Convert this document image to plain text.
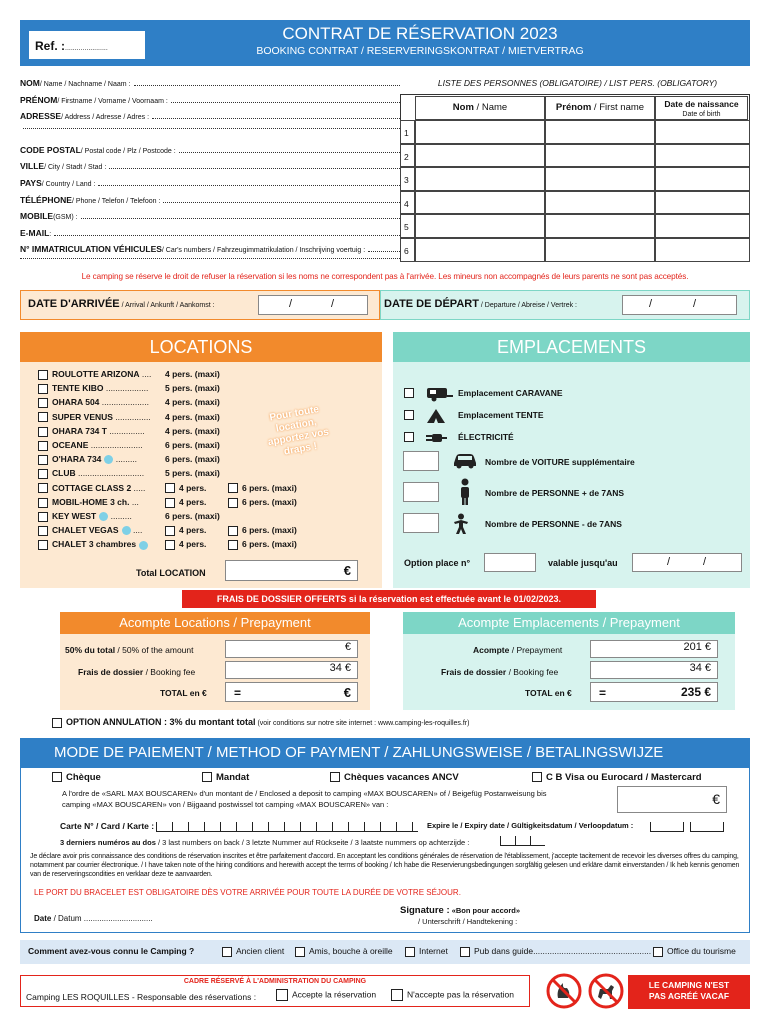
Ref. :......................
CONTRAT DE RÉSERVATION 2023
BOOKING CONTRAT / RESERVERINGSKONTRAT / MIETVERTRAG
NOM / Name / Nachname / Naam :
PRÉNOM / Firstname / Vorname / Voornaam :
ADRESSE / Address / Adresse / Adres :
CODE POSTAL / Postal code / Plz / Postcode :
VILLE / City / Stadt / Stad :
PAYS / Country / Land :
TÉLÉPHONE / Phone / Telefon / Telefoon :
MOBILE (GSM) :
E-MAIL :
N° IMMATRICULATION VÉHICULES / Car's numbers / Fahrzeugimmatrikulation / Inschrijving voertuig :
LISTE DES PERSONNES (OBLIGATOIRE) / LIST PERS. (OBLIGATORY)
Nom / Name	Prénom / First name	Date de naissance
Date of birth
1
2
3
4
5
6
Le camping se réserve le droit de refuser la réservation si les noms ne correspondent pas à l'arrivée. Les mineurs non accompagnés de leurs parents ne sont pas acceptés.
DATE D'ARRIVÉE / Arrival / Ankunft / Aankomst :	/	/	DATE DE DÉPART / Departure / Abreise / Vertrek :	/	/
LOCATIONS
ROULOTTE ARIZONA .... 4 pers. (maxi)
TENTE KIBO .................. 5 pers. (maxi)
OHARA 504 .................... 4 pers. (maxi)
SUPER VENUS ............... 4 pers. (maxi)
OHARA 734 T ............... 4 pers. (maxi)
OCEANE ......................	6 pers. (maxi)
O'HARA 734 .........	6 pers. (maxi)
CLUB ............................ 5 pers. (maxi)
COTTAGE CLASS 2 .....	4 pers.	6 pers. (maxi)
MOBIL-HOME 3 ch. ...	4 pers.	6 pers. (maxi)
KEY WEST .........	6 pers. (maxi)
CHALET VEGAS ....	4 pers.	6 pers. (maxi)
CHALET 3 chambres	4 pers.	6 pers. (maxi)
Pour toute location, apportez vos draps !
Total LOCATION	€
EMPLACEMENTS
Emplacement CARAVANE
Emplacement TENTE
ÉLECTRICITÉ
Nombre de VOITURE supplémentaire
Nombre de PERSONNE + de 7ANS
Nombre de PERSONNE - de 7ANS
Option place n°	valable jusqu'au	/	/
FRAIS DE DOSSIER OFFERTS si la réservation est effectuée avant le 01/02/2023.
Acompte Locations / Prepayment
50% du total / 50% of the amount	€
Frais de dossier / Booking fee	34 €
TOTAL en € =	€
Acompte Emplacements / Prepayment
Acompte / Prepayment	201 €
Frais de dossier / Booking fee	34 €
TOTAL en € =	235 €
OPTION ANNULATION : 3% du montant total (voir conditions sur notre site internet : www.camping-les-roquilles.fr)
MODE DE PAIEMENT / METHOD OF PAYMENT / ZAHLUNGSWEISE / BETALINGSWIJZE
Chèque	Mandat	Chèques vacances ANCV	C B Visa ou Eurocard / Mastercard
A l'ordre de «SARL MAX BOUSCAREN» d'un montant de / Enclosed a deposit to camping «MAX BOUSCAREN» of / Beigefüg Postanweisung bis
camping «MAX BOUSCAREN» von / Bijgaand postwissel tot camping «MAX BOUSCAREN» van :	€
Carte N° / Card / Karte :	Expire le / Expiry date / Gültigkeitsdatum / Verloopdatum :
3 derniers numéros au dos / 3 last numbers on back / 3 letzte Nummer auf Rückseite / 3 laatste nummers op achterzijde :
Je déclare avoir pris connaissance des conditions de réservation inscrites et être parfaitement d'accord. En acceptant les conditions générales de réservation de l'établissement, j'accepte tacitement de recevoir les diverses offres du camping, notamment par courrier électronique. / I have taken note of the hiring conditions and herewith accept the terms of booking / Ich habe die Reservierungsbedingungen sorgfältig gelesen und erkläre damit einverstanden / Ik heb kennis genomen van de reserveringscondities en verklaar deze te aanvaarden.
LE PORT DU BRACELET EST OBLIGATOIRE DÈS VOTRE ARRIVÉE POUR TOUTE LA DURÉE DE VOTRE SÉJOUR.
Date / Datum ...............................
Signature : «Bon pour accord»
/ Unterschrift / Handtekening :
Comment avez-vous connu le Camping ?	Ancien client	Amis, bouche à oreille	Internet	Pub dans guide..................................................	Office du tourisme
CADRE RÉSERVÉ À L'ADMINISTRATION DU CAMPING
Camping LES ROQUILLES - Responsable des réservations :	Accepte la réservation	N'accepte pas la réservation
LE CAMPING N'EST PAS AGRÉÉ VACAF
